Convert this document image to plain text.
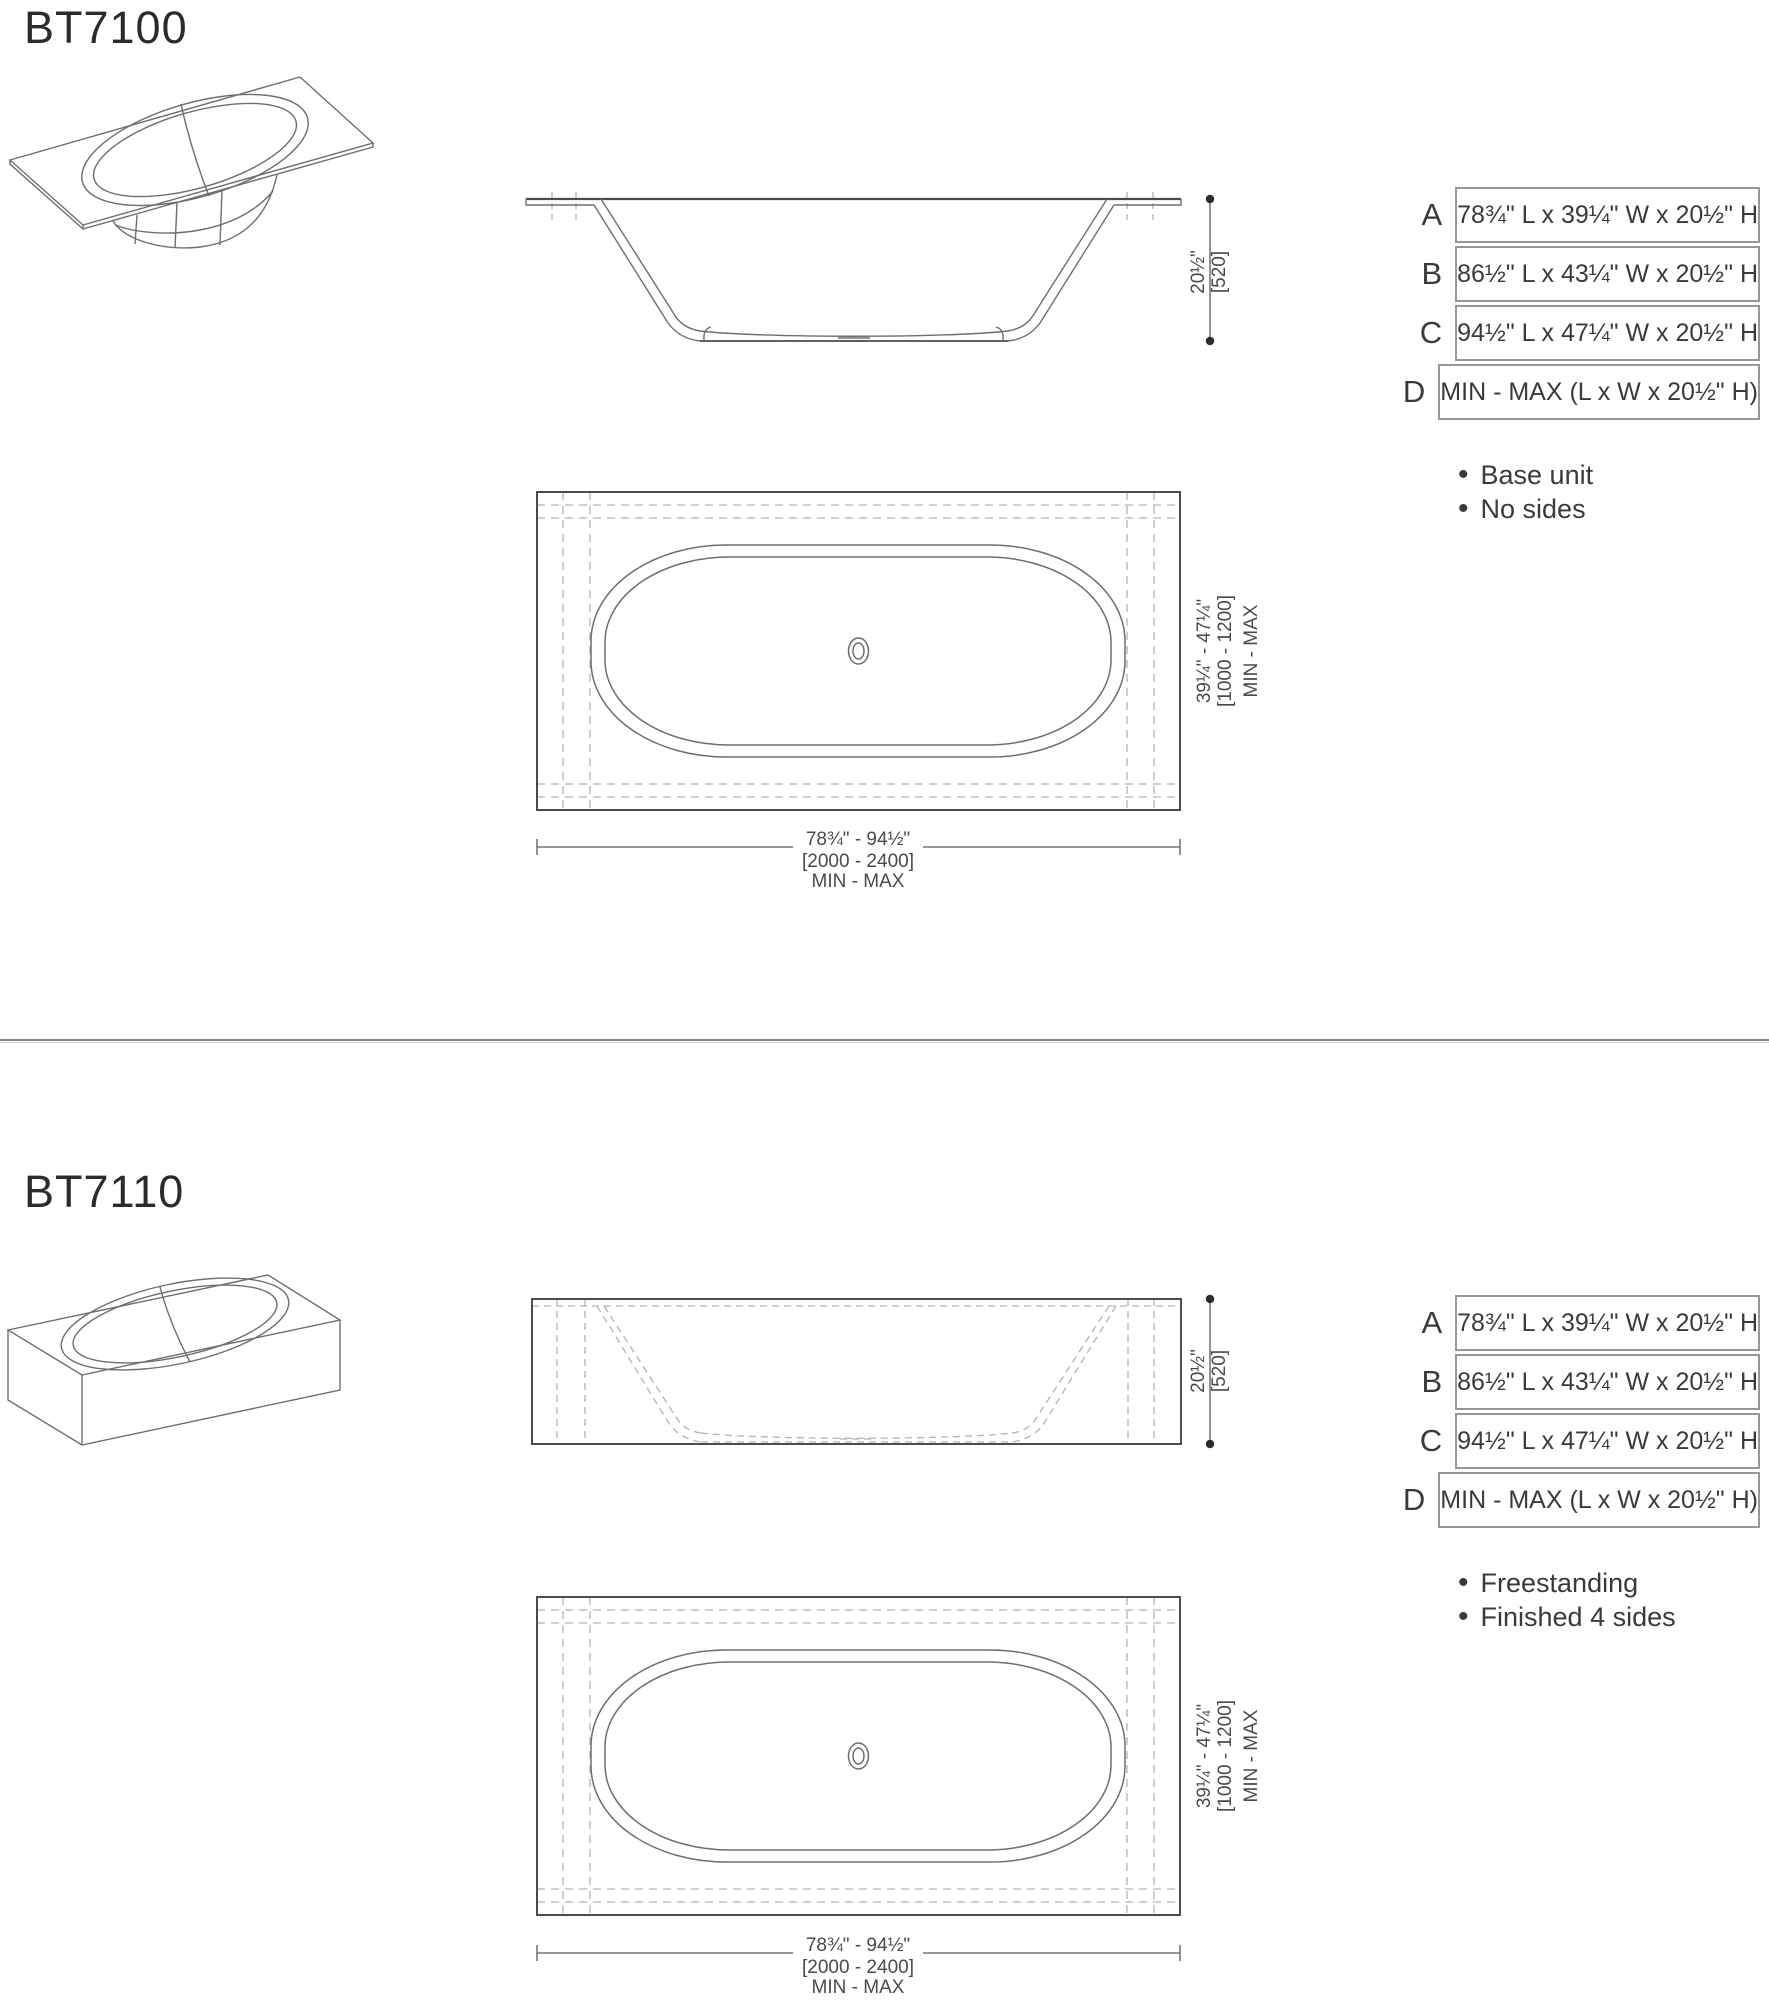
BT7100
20½" [520]
A 78¾" L x 39¼" W x 20½" H
B 86½" L x 43¼" W x 20½" H
C 94½" L x 47¼" W x 20½" H
D MIN - MAX (L x W x 20½" H)
• Base unit
• No sides
39¼" - 47¼" [1000 - 1200] MIN - MAX
78¾" - 94½"
[2000 - 2400]
MIN - MAX
BT7110
20½" [520]
A 78¾" L x 39¼" W x 20½" H
B 86½" L x 43¼" W x 20½" H
C 94½" L x 47¼" W x 20½" H
D MIN - MAX (L x W x 20½" H)
• Freestanding
• Finished 4 sides
39¼" - 47¼" [1000 - 1200] MIN - MAX
78¾" - 94½"
[2000 - 2400]
MIN - MAX
